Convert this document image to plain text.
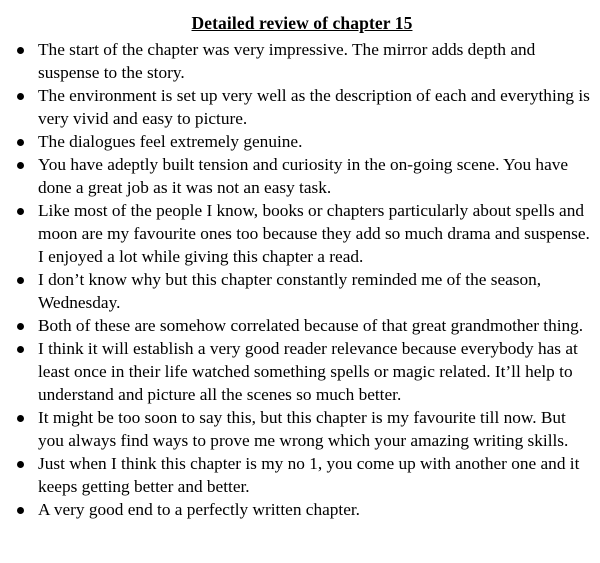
Detailed review of chapter 15
The start of the chapter was very impressive. The mirror adds depth and suspense to the story.
The environment is set up very well as the description of each and everything is very vivid and easy to picture.
The dialogues feel extremely genuine.
You have adeptly built tension and curiosity in the on-going scene. You have done a great job as it was not an easy task.
Like most of the people I know, books or chapters particularly about spells and moon are my favourite ones too because they add so much drama and suspense. I enjoyed a lot while giving this chapter a read.
I don’t know why but this chapter constantly reminded me of the season, Wednesday.
Both of these are somehow correlated because of that great grandmother thing.
I think it will establish a very good reader relevance because everybody has at least once in their life watched something spells or magic related. It’ll help to understand and picture all the scenes so much better.
It might be too soon to say this, but this chapter is my favourite till now. But you always find ways to prove me wrong which your amazing writing skills.
Just when I think this chapter is my no 1, you come up with another one and it keeps getting better and better.
A very good end to a perfectly written chapter.
